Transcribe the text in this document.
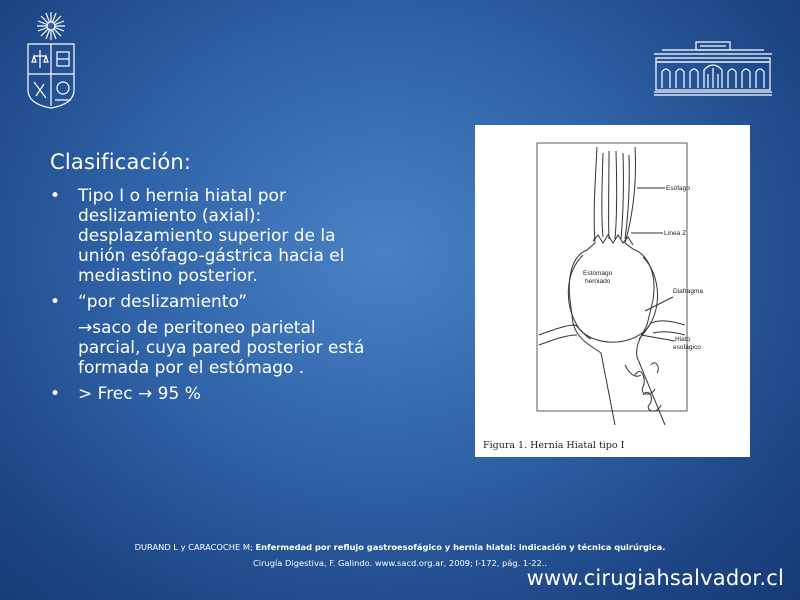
Clasificación:

• Tipo I o hernia hiatal por deslizamiento (axial): desplazamiento superior de la unión esófago-gástrica hacia el mediastino posterior.

• “por deslizamiento”

→saco de peritoneo parietal parcial, cuya pared posterior está formada por el estómago .

• > Frec → 95 %

Esófago
Línea Z
Estómago
herniado
Diafragma
Hiato
esofágico
Figura 1. Hernia Hiatal tipo I
DURAND L y CARACOCHE M; Enfermedad por reflujo gastroesofágico y hernia hiatal: indicación y técnica quirúrgica.
Cirugía Digestiva, F. Galindo. www.sacd.org.ar, 2009; I-172, pág. 1-22..
www.cirugiahsalvador.cl
